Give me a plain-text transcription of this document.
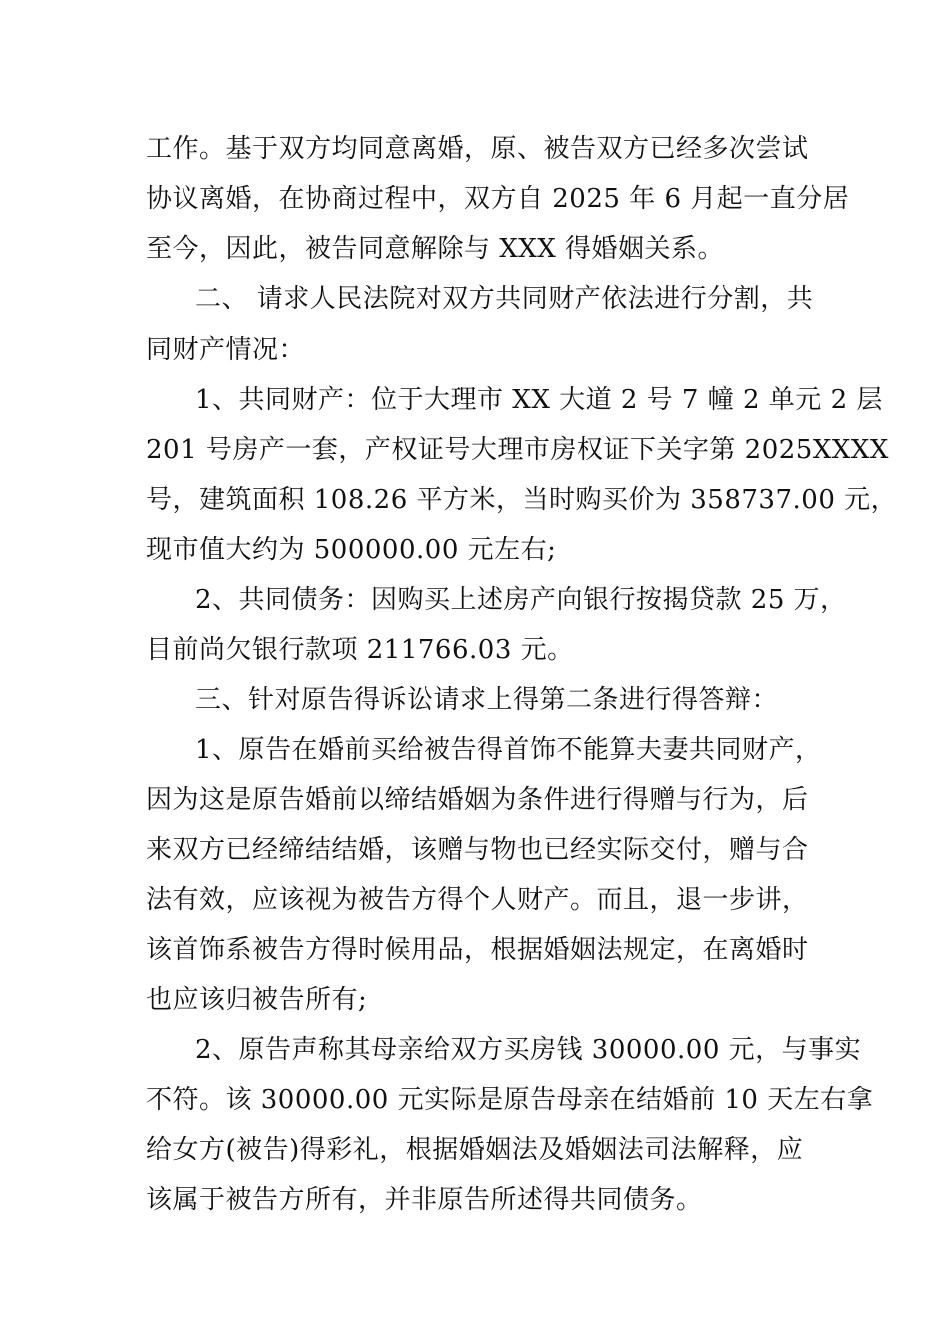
工作。基于双方均同意离婚，原、被告双方已经多次尝试
协议离婚，在协商过程中，双方自 2025 年 6 月起一直分居
至今，因此，被告同意解除与 XXX 得婚姻关系。
二、 请求人民法院对双方共同财产依法进行分割，共
同财产情况：
1、共同财产：位于大理市 XX 大道 2 号 7 幢 2 单元 2 层
201 号房产一套，产权证号大理市房权证下关字第 2025XXXX
号，建筑面积 108.26 平方米，当时购买价为 358737.00 元，
现市值大约为 500000.00 元左右;
2、共同债务：因购买上述房产向银行按揭贷款 25 万，
目前尚欠银行款项 211766.03 元。
三、针对原告得诉讼请求上得第二条进行得答辩：
1、原告在婚前买给被告得首饰不能算夫妻共同财产，
因为这是原告婚前以缔结婚姻为条件进行得赠与行为，后
来双方已经缔结结婚，该赠与物也已经实际交付，赠与合
法有效，应该视为被告方得个人财产。而且，退一步讲，
该首饰系被告方得时候用品，根据婚姻法规定，在离婚时
也应该归被告所有;
2、原告声称其母亲给双方买房钱 30000.00 元，与事实
不符。该 30000.00 元实际是原告母亲在结婚前 10 天左右拿
给女方(被告)得彩礼，根据婚姻法及婚姻法司法解释，应
该属于被告方所有，并非原告所述得共同债务。
